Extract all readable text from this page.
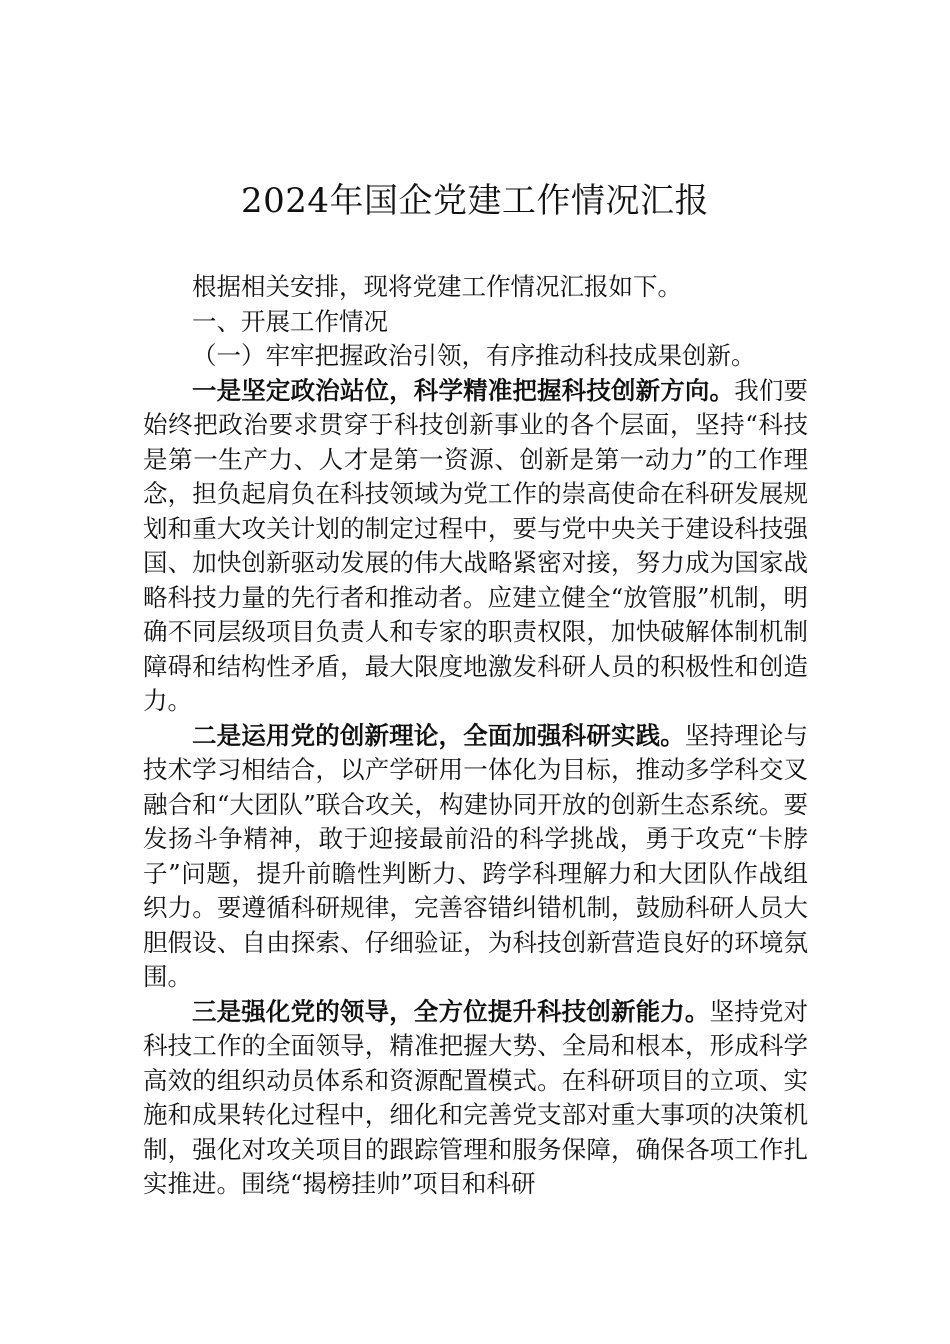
2024年国企党建工作情况汇报

根据相关安排，现将党建工作情况汇报如下。

一、开展工作情况

（一）牢牢把握政治引领，有序推动科技成果创新。

一是坚定政治站位，科学精准把握科技创新方向。我们要始终把政治要求贯穿于科技创新事业的各个层面，坚持“科技是第一生产力、人才是第一资源、创新是第一动力”的工作理念，担负起肩负在科技领域为党工作的崇高使命在科研发展规划和重大攻关计划的制定过程中，要与党中央关于建设科技强国、加快创新驱动发展的伟大战略紧密对接，努力成为国家战略科技力量的先行者和推动者。应建立健全“放管服”机制，明确不同层级项目负责人和专家的职责权限，加快破解体制机制障碍和结构性矛盾，最大限度地激发科研人员的积极性和创造力。

二是运用党的创新理论，全面加强科研实践。坚持理论与技术学习相结合，以产学研用一体化为目标，推动多学科交叉融合和“大团队”联合攻关，构建协同开放的创新生态系统。要发扬斗争精神，敢于迎接最前沿的科学挑战，勇于攻克“卡脖子”问题，提升前瞻性判断力、跨学科理解力和大团队作战组织力。要遵循科研规律，完善容错纠错机制，鼓励科研人员大胆假设、自由探索、仔细验证，为科技创新营造良好的环境氛围。

三是强化党的领导，全方位提升科技创新能力。坚持党对科技工作的全面领导，精准把握大势、全局和根本，形成科学高效的组织动员体系和资源配置模式。在科研项目的立项、实施和成果转化过程中，细化和完善党支部对重大事项的决策机制，强化对攻关项目的跟踪管理和服务保障，确保各项工作扎实推进。围绕“揭榜挂帅”项目和科研
